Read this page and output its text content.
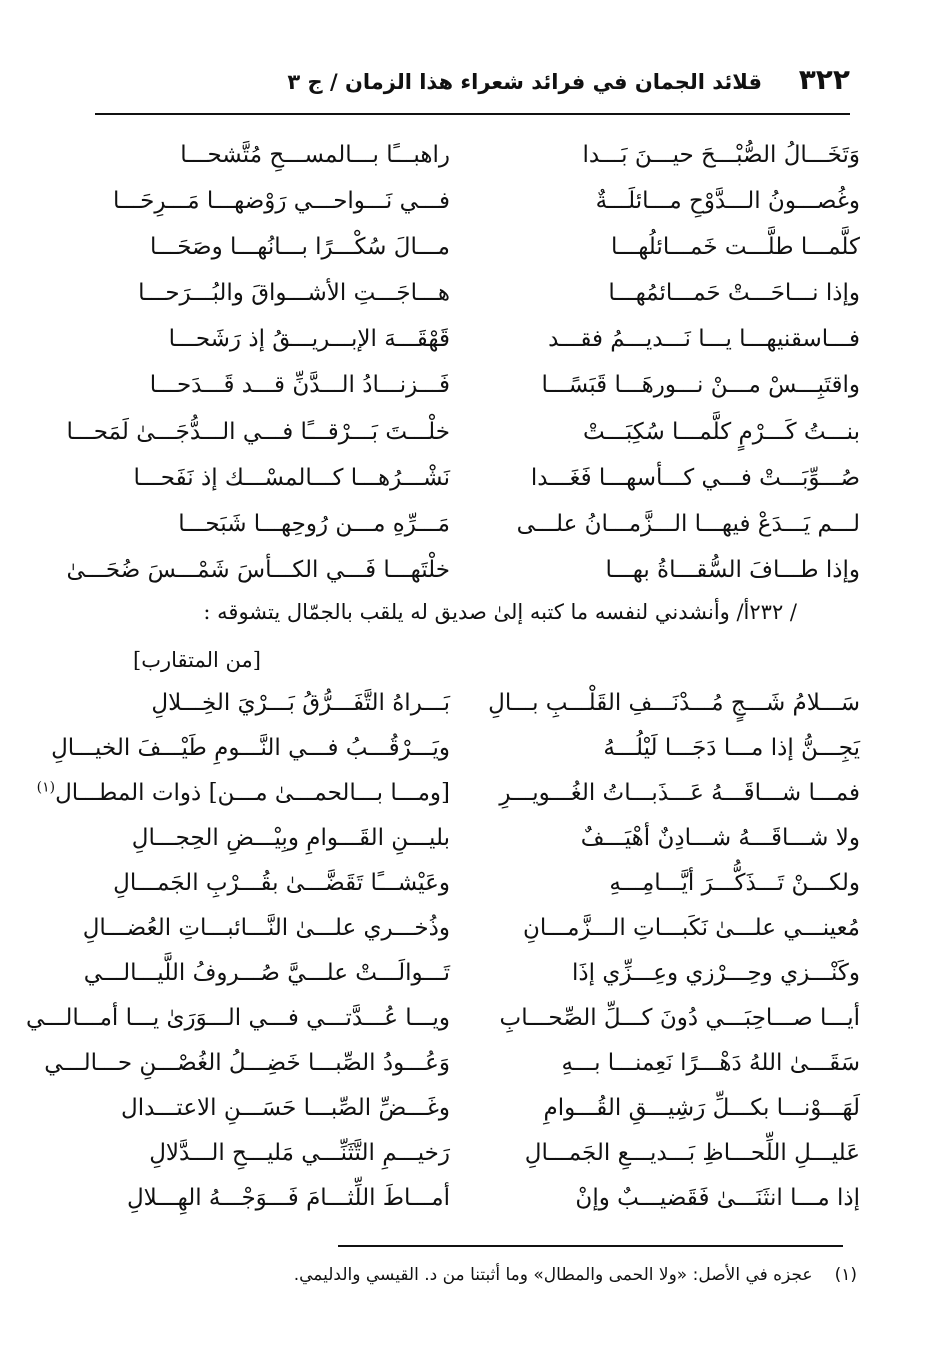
٣٢٢
قلائد الجمان في فرائد شعراء هذا الزمان / ج ٣
وَتَخَـــالُ الصُّبْـــحَ حيـــنَ بَـــدا
راهبـــًا بـــالمســـحِ مُتَّشحـــا
وغُصـــونُ الـــدَّوْحِ مـــائلَـــةٌ
فـــي نَـــواحـــي رَوْضهـــا مَـــرِحَـــا
كلَّمـــا طلَّـــت خَمـــائلُهـــا
مـــالَ سُكْـــرًا بـــانُهـــا وصَحَـــا
وإذا نـــاحَـــتْ حَمـــائمُهـــا
هـــاجَـــتِ الأشـــواقَ والبُـــرَحـــا
فـــاسقنيهـــا يـــا نَـــديـــمُ فقـــد
قَهْقَـــهَ الإبـــريـــقُ إذ رَشَحـــا
واقتَبِـــسْ مـــنْ نـــورهَـــا قَبَسًـــا
فَـــزنـــادُ الـــدَّنِّ قـــد قَـــدَحـــا
بنـــتُ كَـــرْمٍ كلَّمـــا سُكِبَـــتْ
خلْـــتَ بَـــرْقـــًا فـــي الـــدُّجَـــىٰ لَمَحـــا
صُـــوِّبَـــتْ فـــي كـــأسهـــا فَغَـــدا
نَشْـــرُهـــا كـــالمسْـــك إذ نَفَحـــا
لـــم يَـــدَعْ فيهـــا الـــزَّمـــانُ علـــى
مَـــرِّهِ مـــن رُوحِهـــا شَبَحـــا
وإذا طـــافَ السُّقـــاةُ بهـــا
خلْتَهـــا فَـــي الكـــأسَ شَمْـــسَ ضُحَـــىٰ
/ ٢٣٢أ/ وأنشدني لنفسه ما كتبه إلىٰ صديق له يلقب بالجمّال يتشوقه :
[من المتقارب]
سَـــلامُ شَـــجٍ مُـــدْنَـــفِ القَلْـــبِ بـــالِ
بَـــراهُ التَّفَـــرُّقُ بَـــرْيَ الخِـــلالِ
يَجِـــنُّ إذا مـــا دَجَـــا لَيْلُـــهُ
ويَـــرْقُـــبُ فـــي النَّـــومِ طَيْـــفَ الخيـــالِ
فمـــا شـــاقَـــهُ عَـــذَبـــاتُ الغُـــويـــرِ
[ومـــا بـــالحمـــىٰ مـــن] ذوات المطـــال$^{(١)}$
ولا شـــاقَـــهُ شـــادِنٌ أهْيَـــفٌ
بليـــنِ القَـــوامِ وبِيْـــضِ الحِجـــالِ
ولكـــنْ تَـــذَكُّـــرَ أيَّـــامِـــهِ
وعَيْشـــًا تَقَضَّـــىٰ بقُـــرْبِ الجَمـــالِ
مُعينـــي علـــىٰ نَكَبـــاتِ الـــزَّمـــانِ
وذُخـــري علـــىٰ النَّـــائبـــاتِ العُضـــالِ
وكَنْـــزي وحِـــرْزي وعِـــزِّي إذَا
تَـــوالَـــتْ علـــيَّ صُـــروفُ اللَّيـــالـــي
أيـــا صـــاحِبَـــي دُونَ كـــلِّ الصِّحـــابِ
ويـــا عُـــدَّتـــي فـــي الـــوَرَىٰ يـــا أمـــالـــي
سَقَـــىٰ اللهُ دَهْـــرًا نَعِمنـــا بـــهِ
وَعُـــودُ الصِّبـــا خَضِـــلُ الغُصْـــنِ حـــالـــي
لَهَـــوْنـــا بكـــلِّ رَشِيـــقِ القُـــوامِ
وغَـــضِّ الصِّبـــا حَسَـــنِ الاعتـــدال
عَليـــلِ اللِّحـــاظِ بَـــديـــعِ الجَمـــالِ
رَخيـــمِ التَّثَنِّـــي مَليـــحِ الـــدَّلالِ
إذا مـــا انثَنَـــىٰ فَقَضيـــبٌ وإنْ
أمـــاطَ اللِّثـــامَ فَـــوَجْـــهُ الهِـــلالِ
(١)عجزه في الأصل: «ولا الحمى والمطال» وما أثبتنا من د. القيسي والدليمي.
